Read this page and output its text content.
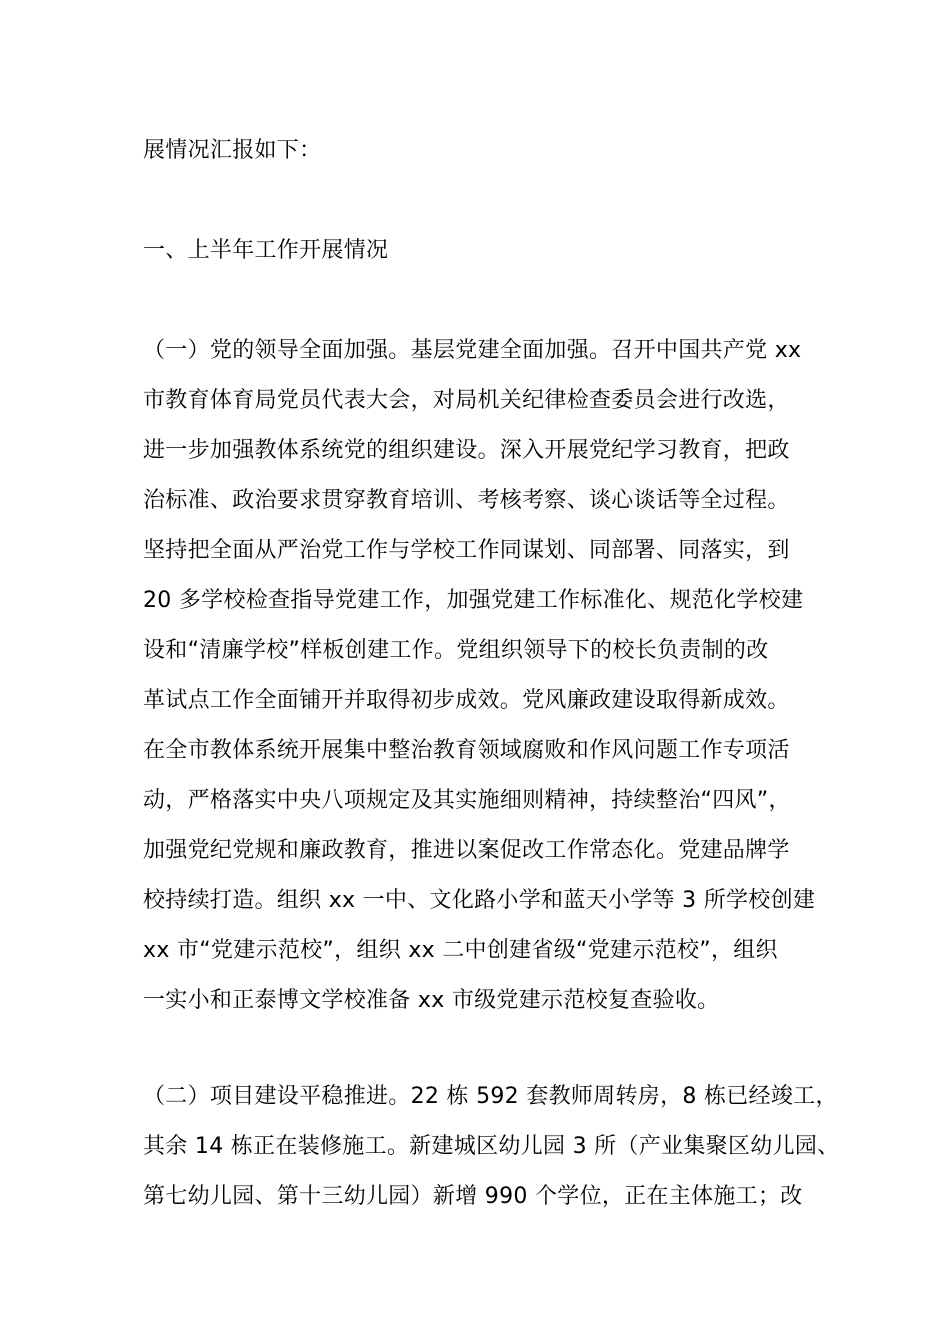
展情况汇报如下：
一、上半年工作开展情况
（一）党的领导全面加强。基层党建全面加强。召开中国共产党 xx
市教育体育局党员代表大会，对局机关纪律检查委员会进行改选，
进一步加强教体系统党的组织建设。深入开展党纪学习教育，把政
治标准、政治要求贯穿教育培训、考核考察、谈心谈话等全过程。
坚持把全面从严治党工作与学校工作同谋划、同部署、同落实，到
20 多学校检查指导党建工作，加强党建工作标准化、规范化学校建
设和“清廉学校”样板创建工作。党组织领导下的校长负责制的改
革试点工作全面铺开并取得初步成效。党风廉政建设取得新成效。
在全市教体系统开展集中整治教育领域腐败和作风问题工作专项活
动，严格落实中央八项规定及其实施细则精神，持续整治“四风”，
加强党纪党规和廉政教育，推进以案促改工作常态化。党建品牌学
校持续打造。组织 xx 一中、文化路小学和蓝天小学等 3 所学校创建
xx 市“党建示范校”，组织 xx 二中创建省级“党建示范校”，组织
一实小和正泰博文学校准备 xx 市级党建示范校复查验收。
（二）项目建设平稳推进。22 栋 592 套教师周转房，8 栋已经竣工，
其余 14 栋正在装修施工。新建城区幼儿园 3 所（产业集聚区幼儿园、
第七幼儿园、第十三幼儿园）新增 990 个学位，正在主体施工；改
